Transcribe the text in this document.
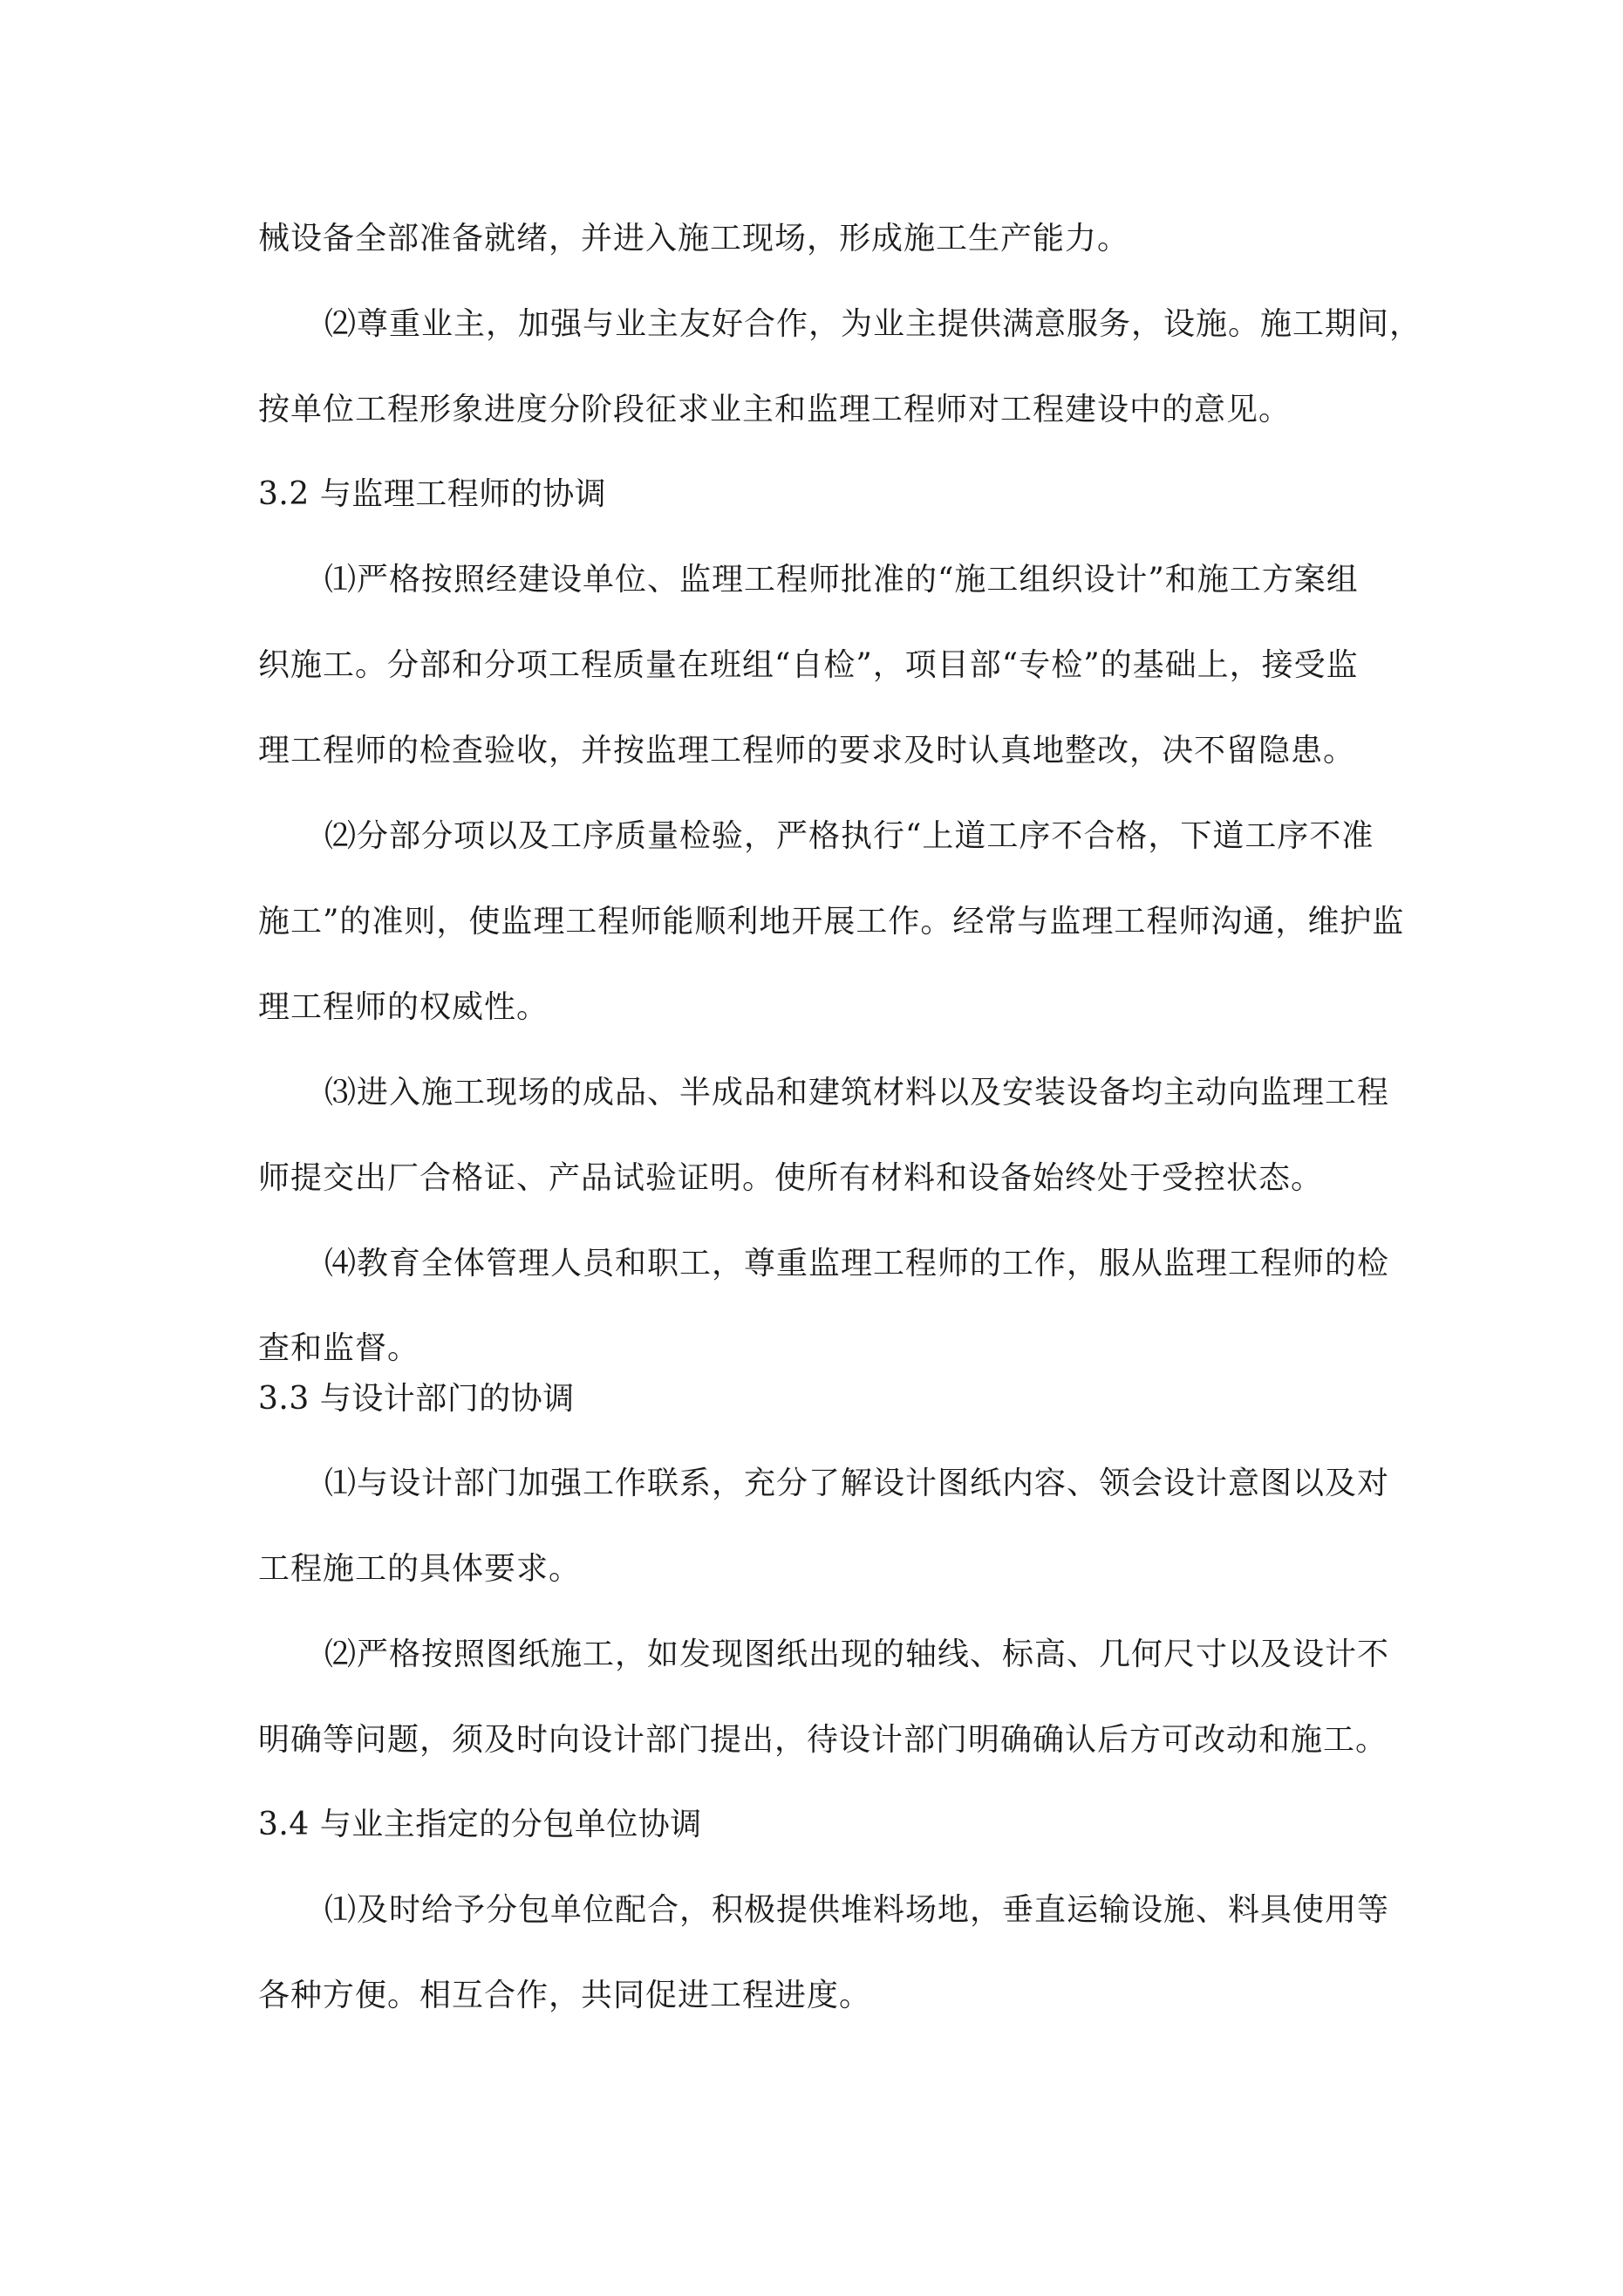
械设备全部准备就绪，并进入施工现场，形成施工生产能力。
⑵尊重业主，加强与业主友好合作，为业主提供满意服务，设施。施工期间，
按单位工程形象进度分阶段征求业主和监理工程师对工程建设中的意见。
3.2 与监理工程师的协调
⑴严格按照经建设单位、监理工程师批准的“施工组织设计”和施工方案组
织施工。分部和分项工程质量在班组“自检”，项目部“专检”的基础上，接受监
理工程师的检查验收，并按监理工程师的要求及时认真地整改，决不留隐患。
⑵分部分项以及工序质量检验，严格执行“上道工序不合格，下道工序不准
施工”的准则，使监理工程师能顺利地开展工作。经常与监理工程师沟通，维护监
理工程师的权威性。
⑶进入施工现场的成品、半成品和建筑材料以及安装设备均主动向监理工程
师提交出厂合格证、产品试验证明。使所有材料和设备始终处于受控状态。
⑷教育全体管理人员和职工，尊重监理工程师的工作，服从监理工程师的检
查和监督。
3.3 与设计部门的协调
⑴与设计部门加强工作联系，充分了解设计图纸内容、领会设计意图以及对
工程施工的具体要求。
⑵严格按照图纸施工，如发现图纸出现的轴线、标高、几何尺寸以及设计不
明确等问题，须及时向设计部门提出，待设计部门明确确认后方可改动和施工。
3.4 与业主指定的分包单位协调
⑴及时给予分包单位配合，积极提供堆料场地，垂直运输设施、料具使用等
各种方便。相互合作，共同促进工程进度。
